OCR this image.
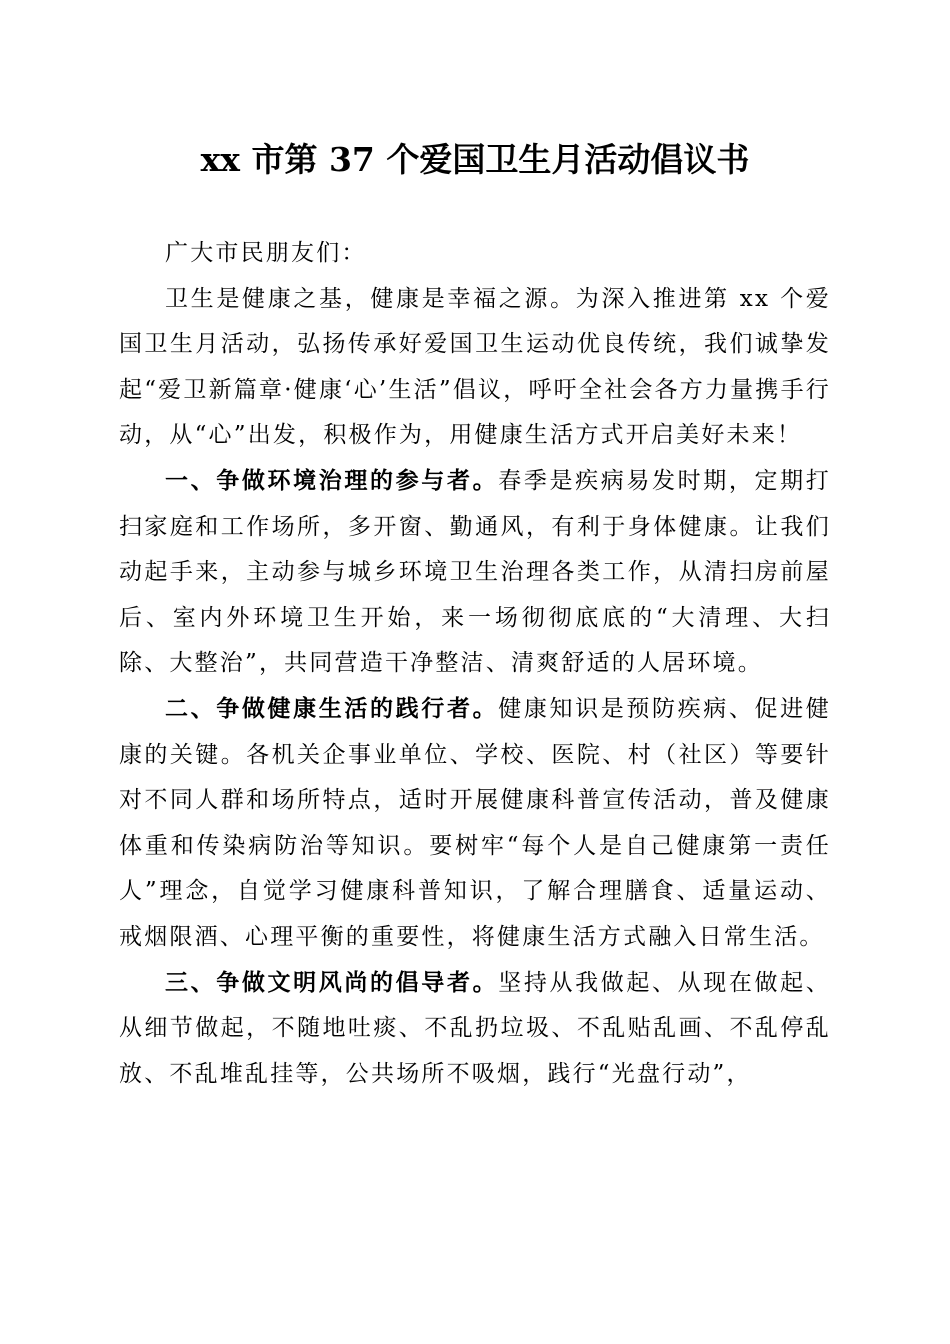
xx 市第 37 个爱国卫生月活动倡议书

广大市民朋友们：

卫生是健康之基，健康是幸福之源。为深入推进第 xx 个爱国卫生月活动，弘扬传承好爱国卫生运动优良传统，我们诚挚发起“爱卫新篇章·健康‘心’生活”倡议，呼吁全社会各方力量携手行动，从“心”出发，积极作为，用健康生活方式开启美好未来！

一、争做环境治理的参与者。春季是疾病易发时期，定期打扫家庭和工作场所，多开窗、勤通风，有利于身体健康。让我们动起手来，主动参与城乡环境卫生治理各类工作，从清扫房前屋后、室内外环境卫生开始，来一场彻彻底底的“大清理、大扫除、大整治”，共同营造干净整洁、清爽舒适的人居环境。

二、争做健康生活的践行者。健康知识是预防疾病、促进健康的关键。各机关企事业单位、学校、医院、村（社区）等要针对不同人群和场所特点，适时开展健康科普宣传活动，普及健康体重和传染病防治等知识。要树牢“每个人是自己健康第一责任人”理念，自觉学习健康科普知识，了解合理膳食、适量运动、戒烟限酒、心理平衡的重要性，将健康生活方式融入日常生活。

三、争做文明风尚的倡导者。坚持从我做起、从现在做起、从细节做起，不随地吐痰、不乱扔垃圾、不乱贴乱画、不乱停乱放、不乱堆乱挂等，公共场所不吸烟，践行“光盘行动”，
